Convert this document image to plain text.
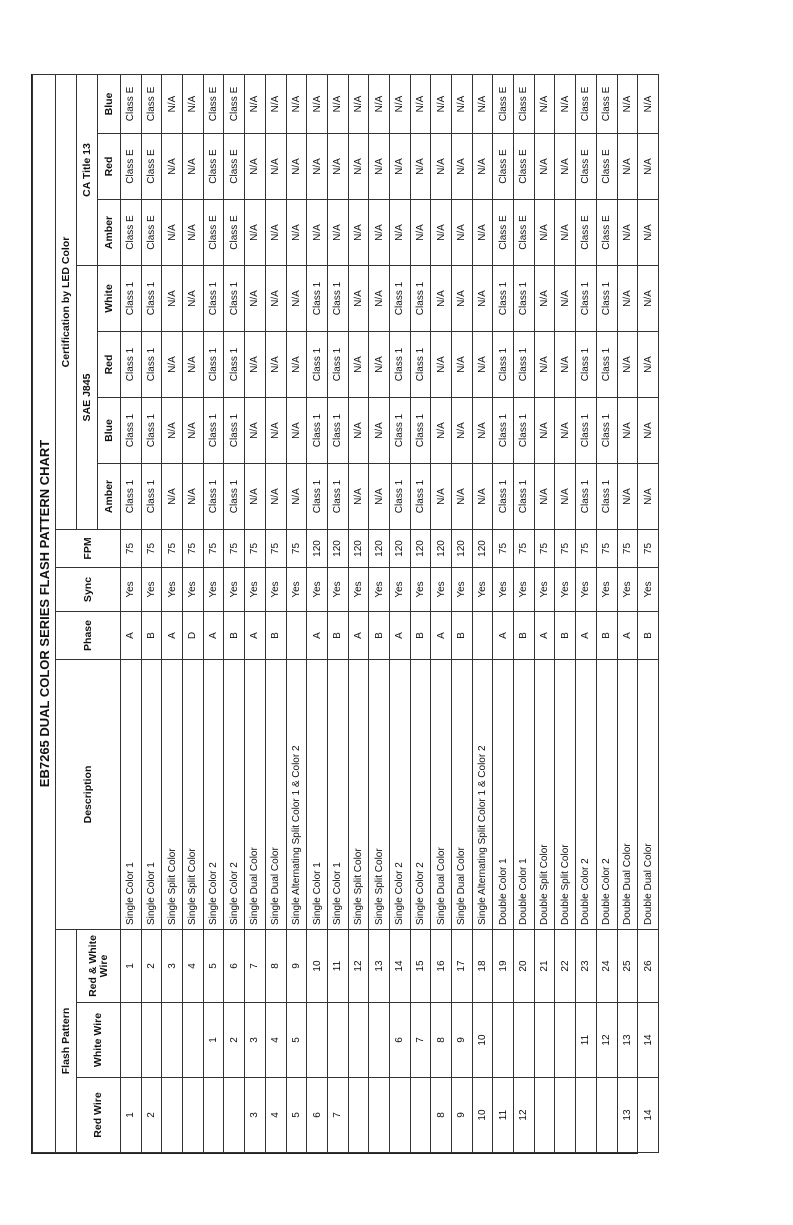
EB7265 DUAL COLOR SERIES FLASH PATTERN CHART													
Flash Pattern			Description	Phase	Sync	FPM	Certification by LED Color						
Red Wire	White Wire	Red & White Wire					SAE J845				CA Title 13		
							Amber	Blue	Red	White	Amber	Red	Blue
1		1	Single Color 1	A	Yes	75	Class 1	Class 1	Class 1	Class 1	Class E	Class E	Class E
2		2	Single Color 1	B	Yes	75	Class 1	Class 1	Class 1	Class 1	Class E	Class E	Class E
		3	Single Split Color	A	Yes	75	N/A	N/A	N/A	N/A	N/A	N/A	N/A
		4	Single Split Color	D	Yes	75	N/A	N/A	N/A	N/A	N/A	N/A	N/A
	1	5	Single Color 2	A	Yes	75	Class 1	Class 1	Class 1	Class 1	Class E	Class E	Class E
	2	6	Single Color 2	B	Yes	75	Class 1	Class 1	Class 1	Class 1	Class E	Class E	Class E
3	3	7	Single Dual Color	A	Yes	75	N/A	N/A	N/A	N/A	N/A	N/A	N/A
4	4	8	Single Dual Color	B	Yes	75	N/A	N/A	N/A	N/A	N/A	N/A	N/A
5	5	9	Single Alternating Split Color 1 & Color 2		Yes	75	N/A	N/A	N/A	N/A	N/A	N/A	N/A
6		10	Single Color 1	A	Yes	120	Class 1	Class 1	Class 1	Class 1	N/A	N/A	N/A
7		11	Single Color 1	B	Yes	120	Class 1	Class 1	Class 1	Class 1	N/A	N/A	N/A
		12	Single Split Color	A	Yes	120	N/A	N/A	N/A	N/A	N/A	N/A	N/A
		13	Single Split Color	B	Yes	120	N/A	N/A	N/A	N/A	N/A	N/A	N/A
	6	14	Single Color 2	A	Yes	120	Class 1	Class 1	Class 1	Class 1	N/A	N/A	N/A
	7	15	Single Color 2	B	Yes	120	Class 1	Class 1	Class 1	Class 1	N/A	N/A	N/A
8	8	16	Single Dual Color	A	Yes	120	N/A	N/A	N/A	N/A	N/A	N/A	N/A
9	9	17	Single Dual Color	B	Yes	120	N/A	N/A	N/A	N/A	N/A	N/A	N/A
10	10	18	Single Alternating Split Color 1 & Color 2		Yes	120	N/A	N/A	N/A	N/A	N/A	N/A	N/A
11		19	Double Color 1	A	Yes	75	Class 1	Class 1	Class 1	Class 1	Class E	Class E	Class E
12		20	Double Color 1	B	Yes	75	Class 1	Class 1	Class 1	Class 1	Class E	Class E	Class E
		21	Double Split Color	A	Yes	75	N/A	N/A	N/A	N/A	N/A	N/A	N/A
		22	Double Split Color	B	Yes	75	N/A	N/A	N/A	N/A	N/A	N/A	N/A
	11	23	Double Color 2	A	Yes	75	Class 1	Class 1	Class 1	Class 1	Class E	Class E	Class E
	12	24	Double Color 2	B	Yes	75	Class 1	Class 1	Class 1	Class 1	Class E	Class E	Class E
13	13	25	Double Dual Color	A	Yes	75	N/A	N/A	N/A	N/A	N/A	N/A	N/A
14	14	26	Double Dual Color	B	Yes	75	N/A	N/A	N/A	N/A	N/A	N/A	N/A
